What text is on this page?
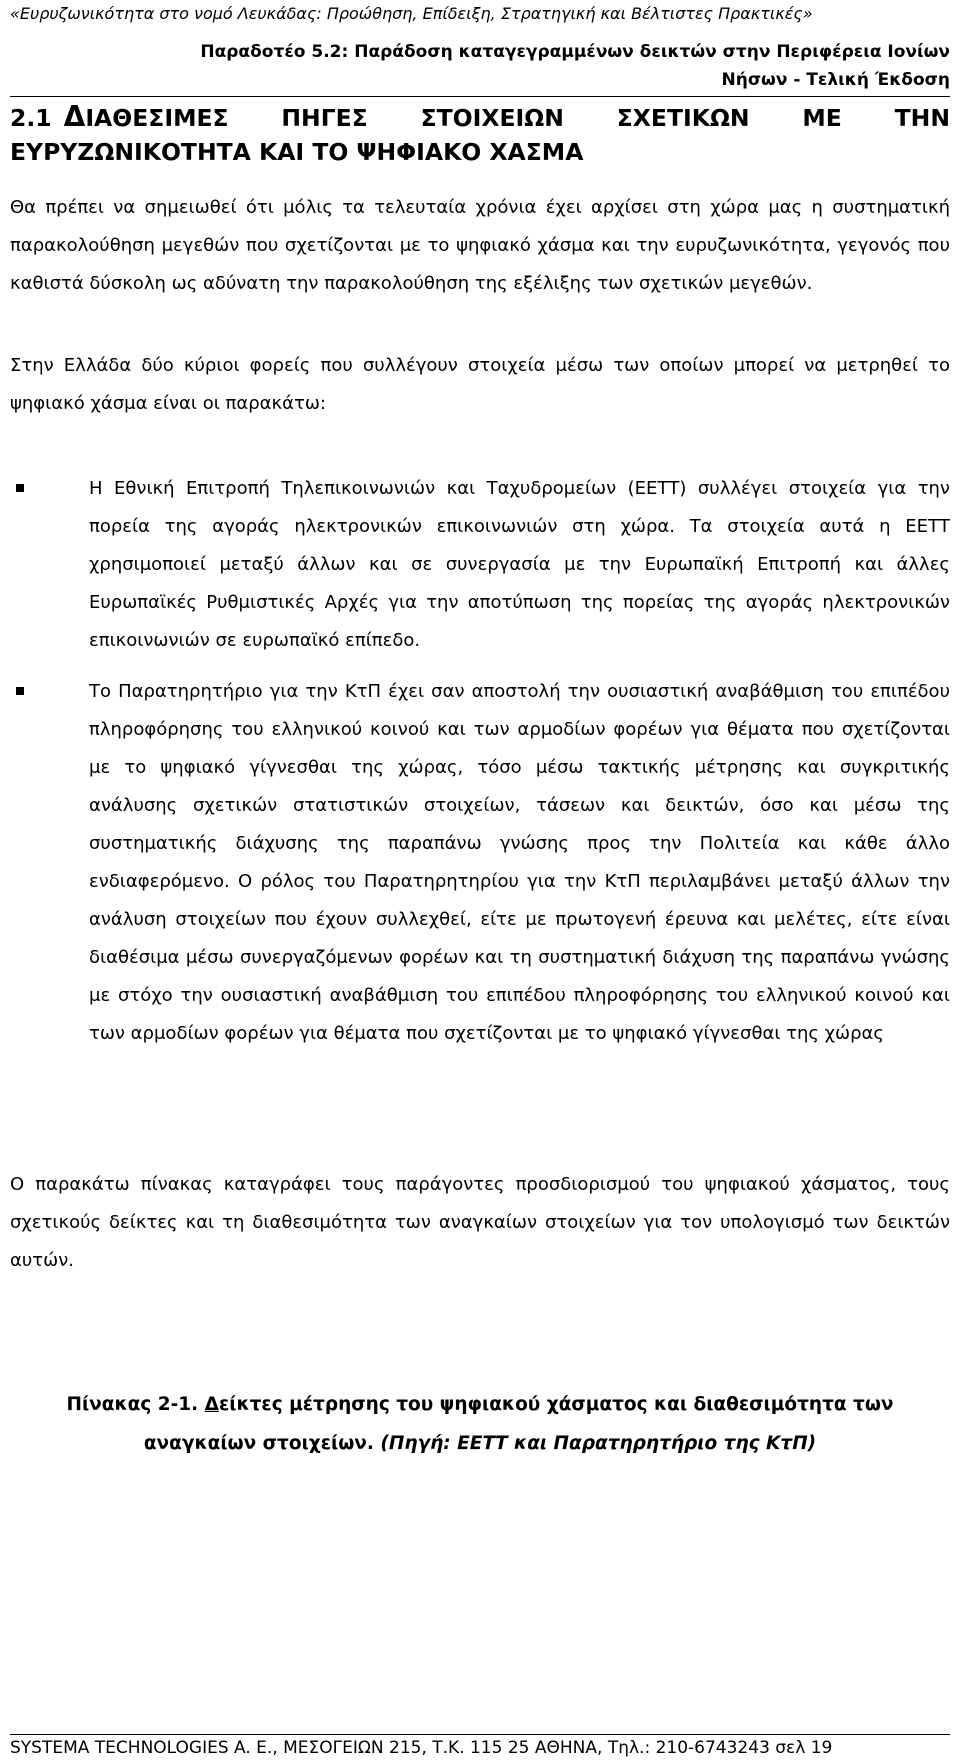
«Ευρυζωνικότητα στο νομό Λευκάδας: Προώθηση, Επίδειξη, Στρατηγική και Βέλτιστες Πρακτικές»
Παραδοτέο 5.2: Παράδοση καταγεγραμμένων δεικτών στην Περιφέρεια Ιονίων
Νήσων - Τελική Έκδοση
2.1 ΔΙΑΘΕΣΙΜΕΣ ΠΗΓΕΣ ΣΤΟΙΧΕΙΩΝ ΣΧΕΤΙΚΩΝ ΜΕ ΤΗΝ ΕΥΡΥΖΩΝΙΚΟΤΗΤΑ ΚΑΙ ΤΟ ΨΗΦΙΑΚΟ ΧΑΣΜΑ

Θα πρέπει να σημειωθεί ότι μόλις τα τελευταία χρόνια έχει αρχίσει στη χώρα μας η συστηματική παρακολούθηση μεγεθών που σχετίζονται με το ψηφιακό χάσμα και την ευρυζωνικότητα, γεγονός που καθιστά δύσκολη ως αδύνατη την παρακολούθηση της εξέλιξης των σχετικών μεγεθών.

Στην Ελλάδα δύο κύριοι φορείς που συλλέγουν στοιχεία μέσω των οποίων μπορεί να μετρηθεί το ψηφιακό χάσμα είναι οι παρακάτω:

Η Εθνική Επιτροπή Τηλεπικοινωνιών και Ταχυδρομείων (ΕΕΤΤ) συλλέγει στοιχεία για την πορεία της αγοράς ηλεκτρονικών επικοινωνιών στη χώρα. Τα στοιχεία αυτά η ΕΕΤΤ χρησιμοποιεί μεταξύ άλλων και σε συνεργασία με την Ευρωπαϊκή Επιτροπή και άλλες Ευρωπαϊκές Ρυθμιστικές Αρχές για την αποτύπωση της πορείας της αγοράς ηλεκτρονικών επικοινωνιών σε ευρωπαϊκό επίπεδο.
Το Παρατηρητήριο για την ΚτΠ έχει σαν αποστολή την ουσιαστική αναβάθμιση του επιπέδου πληροφόρησης του ελληνικού κοινού και των αρμοδίων φορέων για θέματα που σχετίζονται με το ψηφιακό γίγνεσθαι της χώρας, τόσο μέσω τακτικής μέτρησης και συγκριτικής ανάλυσης σχετικών στατιστικών στοιχείων, τάσεων και δεικτών, όσο και μέσω της συστηματικής διάχυσης της παραπάνω γνώσης προς την Πολιτεία και κάθε άλλο ενδιαφερόμενο. Ο ρόλος του Παρατηρητηρίου για την ΚτΠ περιλαμβάνει μεταξύ άλλων την ανάλυση στοιχείων που έχουν συλλεχθεί, είτε με πρωτογενή έρευνα και μελέτες, είτε είναι διαθέσιμα μέσω συνεργαζόμενων φορέων και τη συστηματική διάχυση της παραπάνω γνώσης με στόχο την ουσιαστική αναβάθμιση του επιπέδου πληροφόρησης του ελληνικού κοινού και των αρμοδίων φορέων για θέματα που σχετίζονται με το ψηφιακό γίγνεσθαι της χώρας

Ο παρακάτω πίνακας καταγράφει τους παράγοντες προσδιορισμού του ψηφιακού χάσματος, τους σχετικούς δείκτες και τη διαθεσιμότητα των αναγκαίων στοιχείων για τον υπολογισμό των δεικτών αυτών.

Πίνακας 2-1. Δείκτες μέτρησης του ψηφιακού χάσματος και διαθεσιμότητα των αναγκαίων στοιχείων. (Πηγή: ΕΕΤΤ και Παρατηρητήριο της ΚτΠ)
SYSTEMA TECHNOLOGIES A. E., ΜΕΣΟΓΕΙΩΝ 215, Τ.Κ. 115 25 ΑΘΗΝΑ, Τηλ.: 210-6743243 σελ 19
